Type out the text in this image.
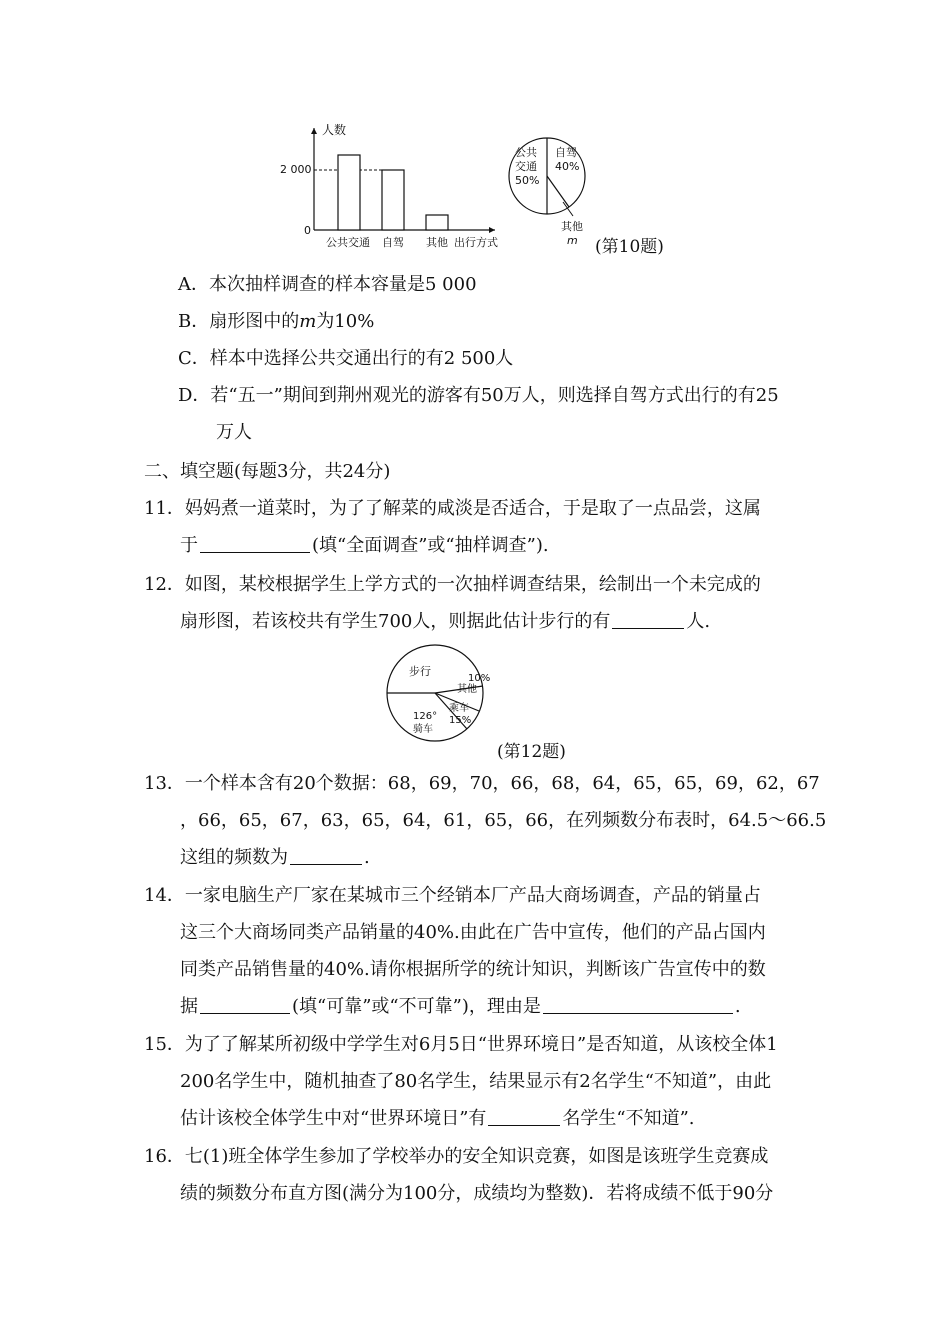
人数
2 000
0
公共交通 自驾 其他 出行方式
公共
交通
50%
自驾
40%
其他
m (第10题)
A．本次抽样调查的样本容量是5 000
B．扇形图中的m为10%
C．样本中选择公共交通出行的有2 500人
D．若“五一”期间到荆州观光的游客有50万人，则选择自驾方式出行的有25
万人
二、填空题(每题3分，共24分)
11．妈妈煮一道菜时，为了了解菜的咸淡是否适合，于是取了一点品尝，这属
于	(填“全面调查”或“抽样调查”).
12．如图，某校根据学生上学方式的一次抽样调查结果，绘制出一个未完成的
扇形图，若该校共有学生700人，则据此估计步行的有	人.
步行
10%
其他
乘车
15%
126°
骑车
(第12题)
13．一个样本含有20个数据：68，69，70，66，68，64，65，65，69，62，67
，66，65，67，63，65，64，61，65，66，在列频数分布表时，64.5～66.5
这组的频数为	.
14．一家电脑生产厂家在某城市三个经销本厂产品大商场调查，产品的销量占
这三个大商场同类产品销量的40%.由此在广告中宣传，他们的产品占国内
同类产品销售量的40%.请你根据所学的统计知识，判断该广告宣传中的数
据	(填“可靠”或“不可靠”)，理由是	.
15．为了了解某所初级中学学生对6月5日“世界环境日”是否知道，从该校全体1
200名学生中，随机抽查了80名学生，结果显示有2名学生“不知道”，由此
估计该校全体学生中对“世界环境日”有	名学生“不知道”.
16．七(1)班全体学生参加了学校举办的安全知识竞赛，如图是该班学生竞赛成
绩的频数分布直方图(满分为100分，成绩均为整数)．若将成绩不低于90分
